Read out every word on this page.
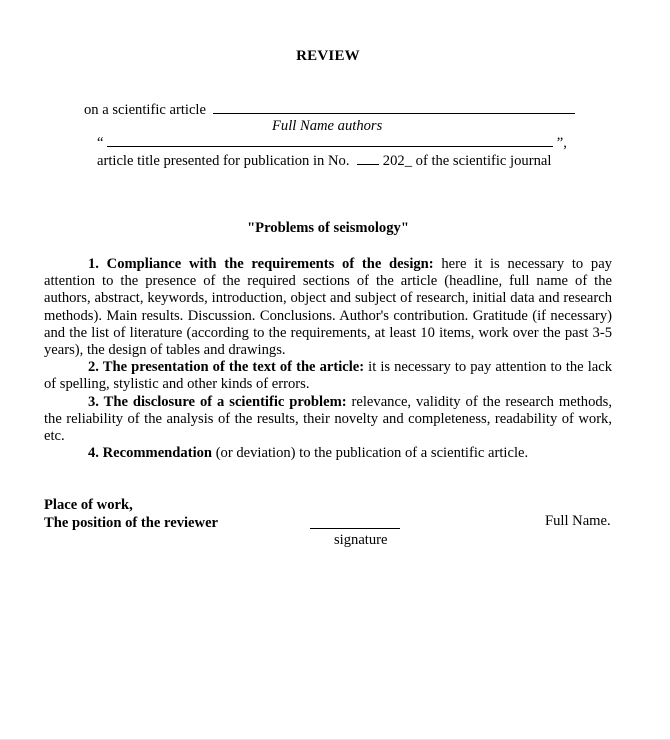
REVIEW
on a scientific article
Full Name authors
“	”,
article title presented for publication in No. 202_ of the scientific journal
"Problems of seismology"

1. Compliance with the requirements of the design: here it is necessary to pay attention to the presence of the required sections of the article (headline, full name of the authors, abstract, keywords, introduction, object and subject of research, initial data and research methods). Main results. Discussion. Conclusions. Author's contribution. Gratitude (if necessary) and the list of literature (according to the requirements, at least 10 items, work over the past 3-5 years), the design of tables and drawings.

2. The presentation of the text of the article: it is necessary to pay attention to the lack of spelling, stylistic and other kinds of errors.

3. The disclosure of a scientific problem: relevance, validity of the research methods, the reliability of the analysis of the results, their novelty and completeness, readability of work, etc.

4. Recommendation (or deviation) to the publication of a scientific article.

Place of work,
The position of the reviewer
signature
Full Name.
